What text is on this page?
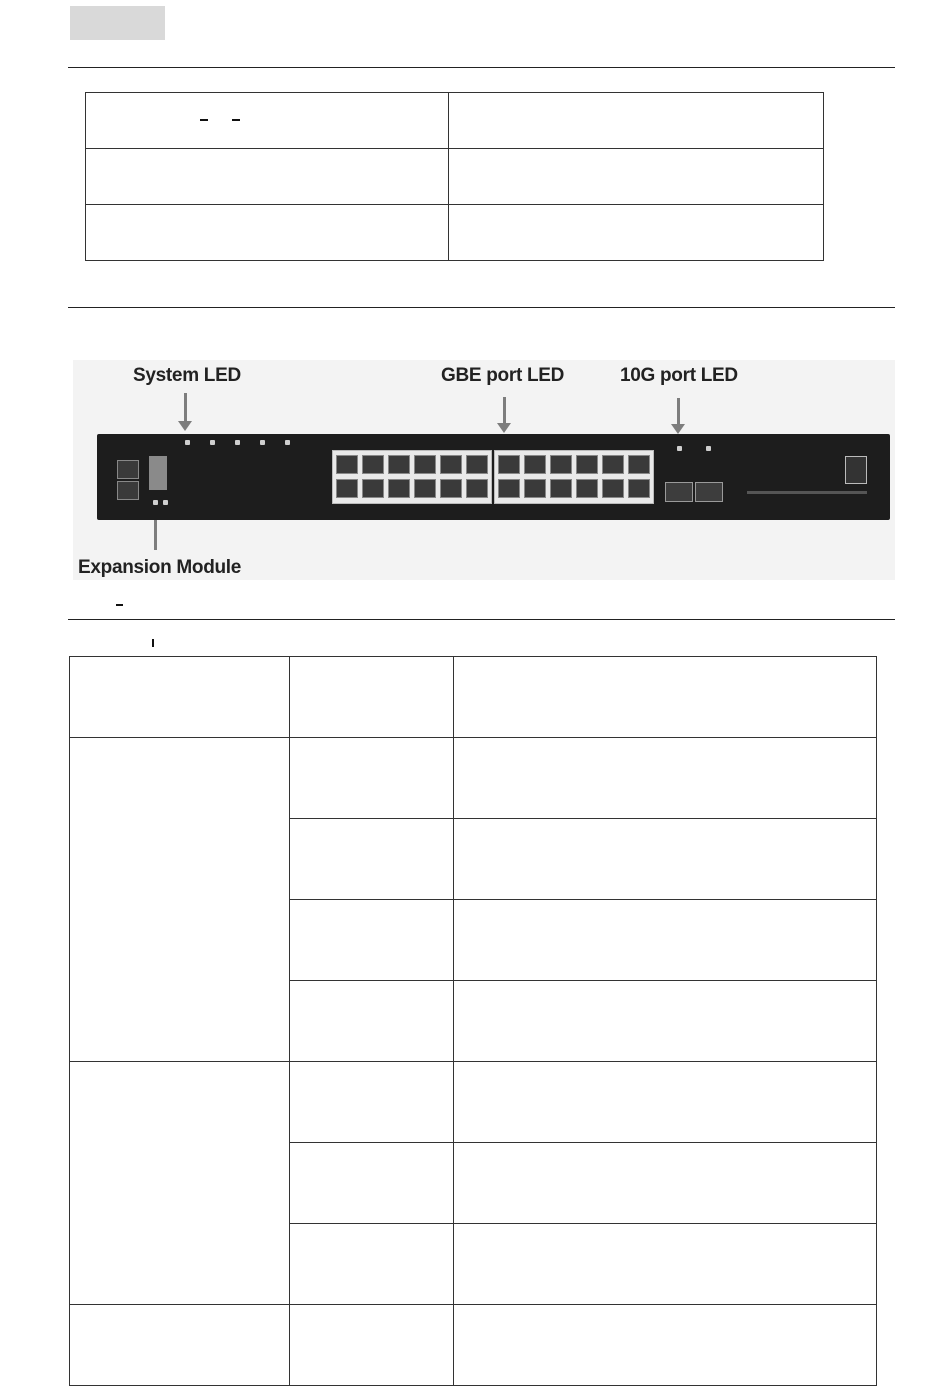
System LED	GBE port LED	10G port LED
Expansion Module
